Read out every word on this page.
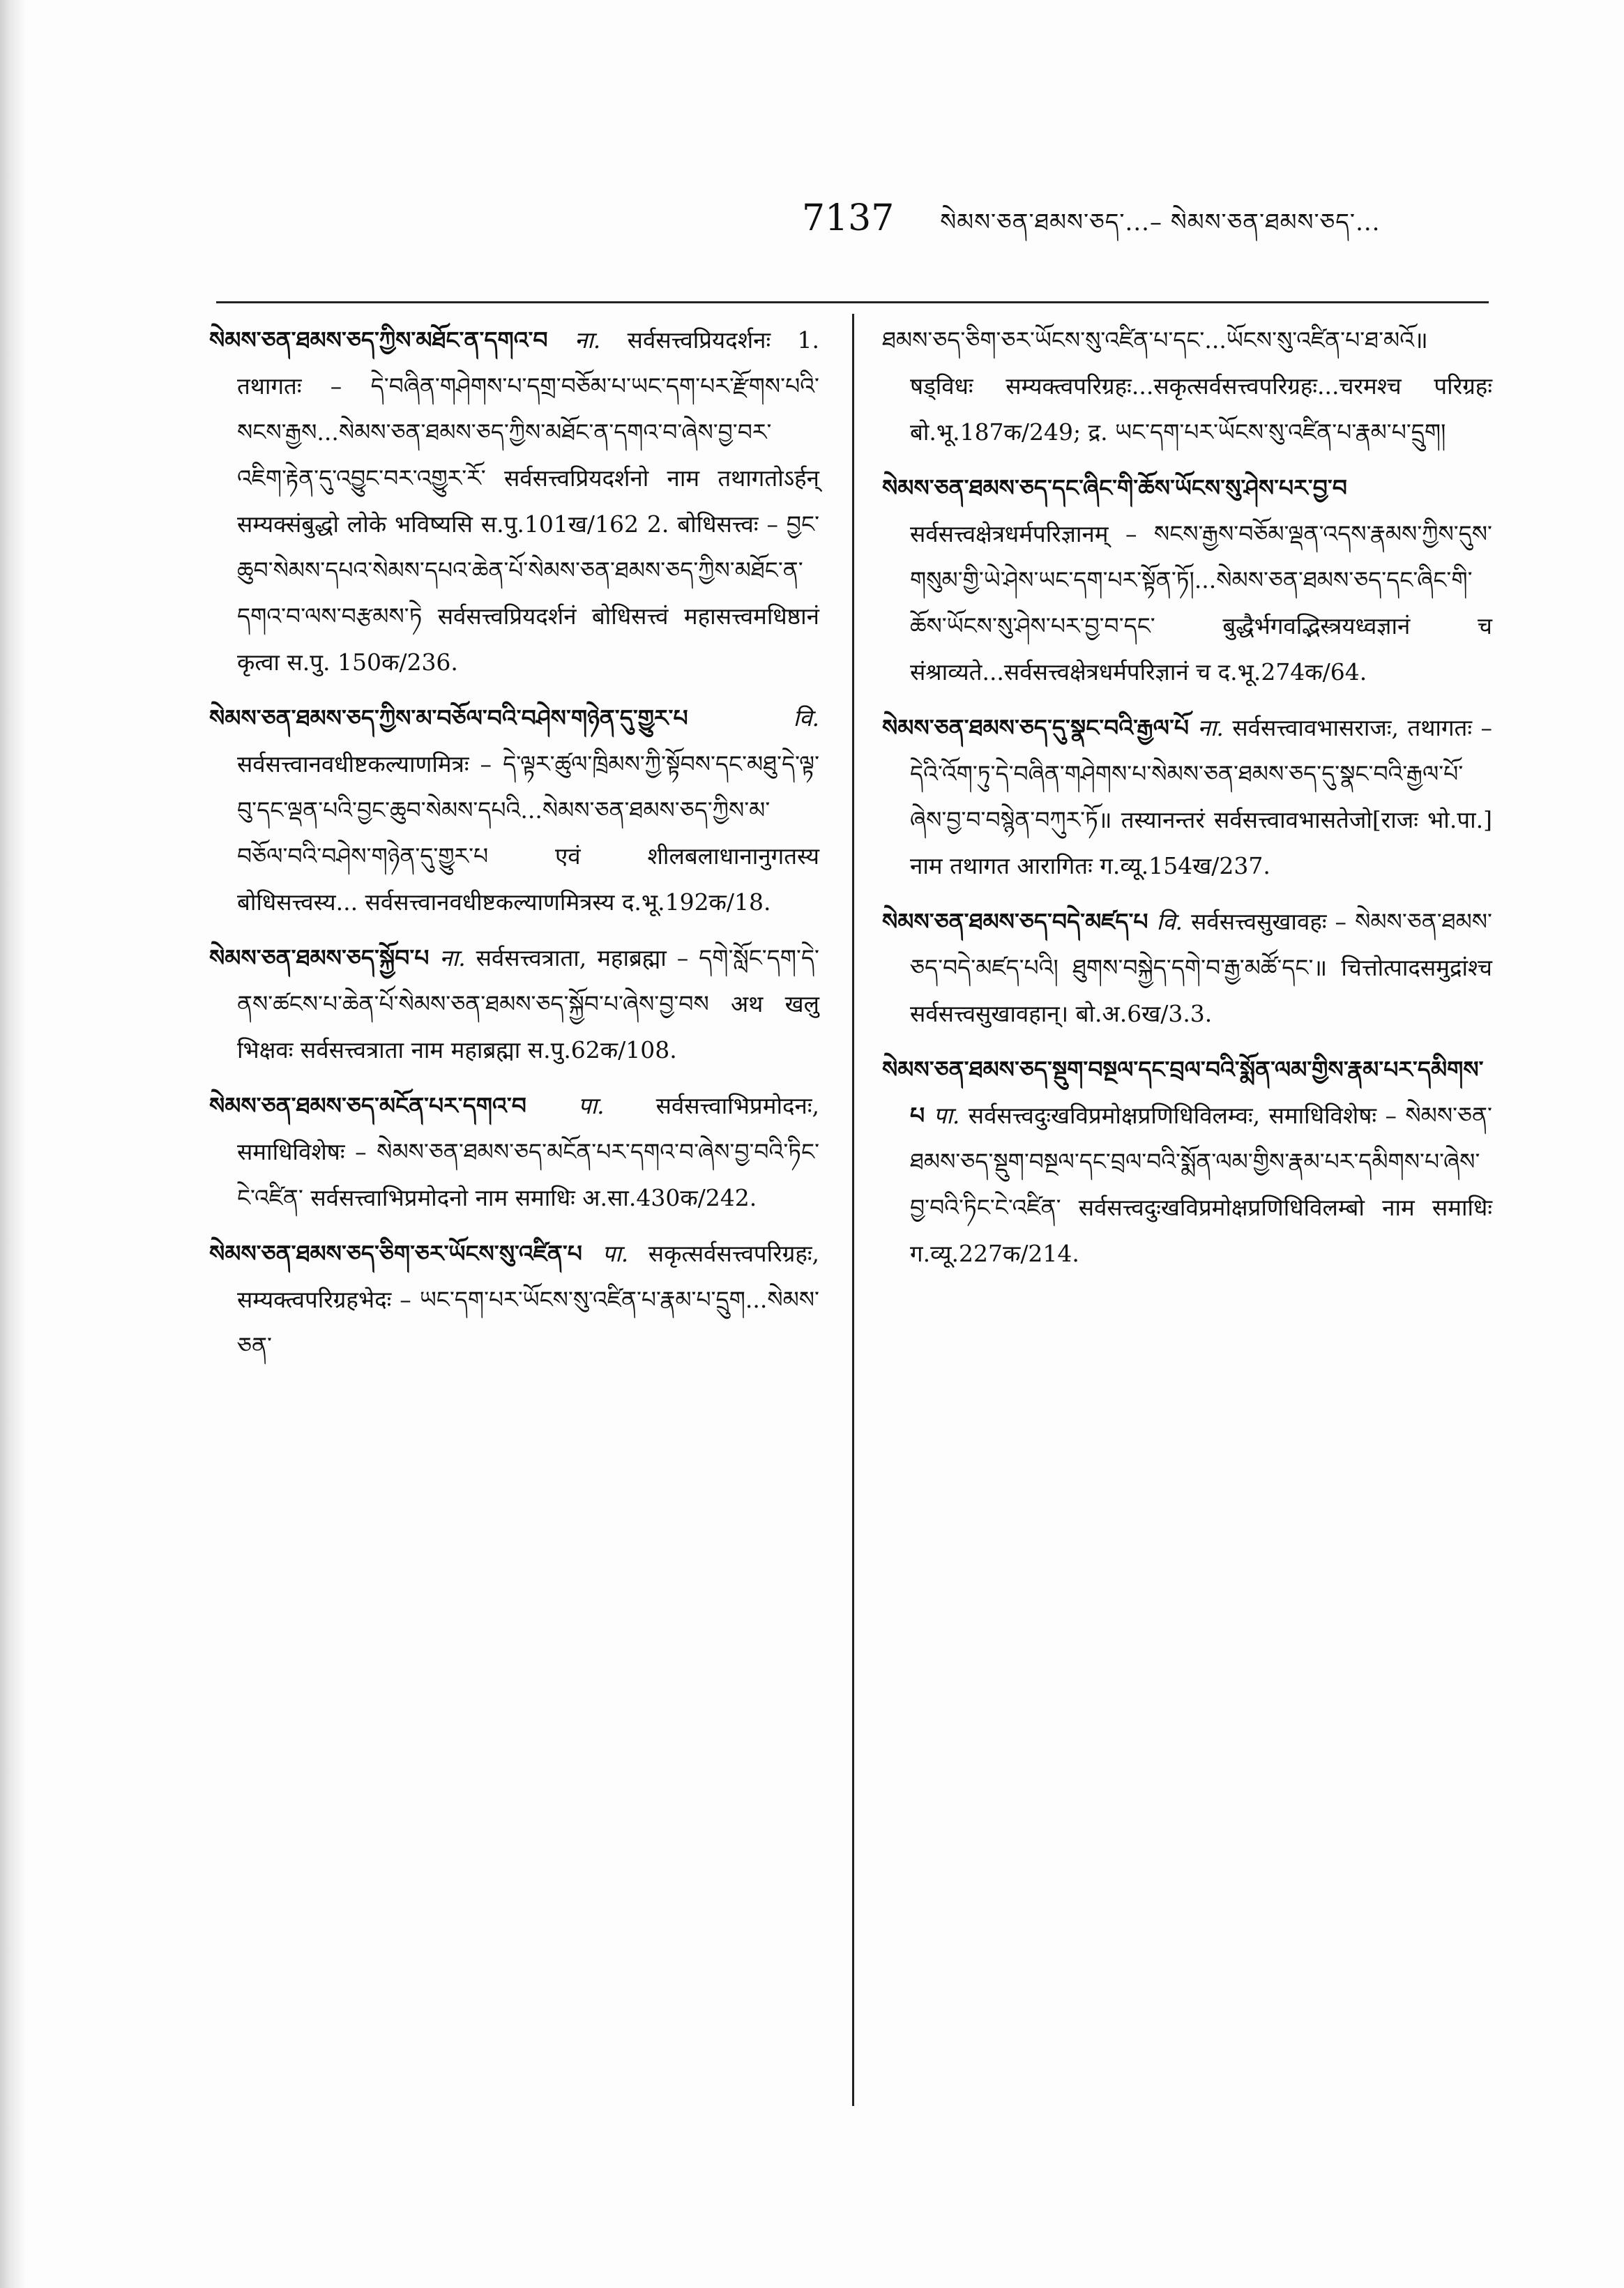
7137 སེམས་ཅན་ཐམས་ཅད་...– སེམས་ཅན་ཐམས་ཅད་...

སེམས་ཅན་ཐམས་ཅད་ཀྱིས་མཐོང་ན་དགའ་བ ना. सर्वसत्त्वप्रियदर्शनः 1. तथागतः – དེ་བཞིན་གཤེགས་པ་དགྲ་བཅོམ་པ་ཡང་དག་པར་རྫོགས་པའི་སངས་རྒྱས...སེམས་ཅན་ཐམས་ཅད་ཀྱིས་མཐོང་ན་དགའ་བ་ཞེས་བྱ་བར་འཇིག་རྟེན་དུ་འབྱུང་བར་འགྱུར་རོ་ सर्वसत्त्वप्रियदर्शनो नाम तथागतोऽर्हन् सम्यक्संबुद्धो लोके भविष्यसि स.पु.101ख/162 2. बोधिसत्त्वः – བྱང་ཆུབ་སེམས་དཔའ་སེམས་དཔའ་ཆེན་པོ་སེམས་ཅན་ཐམས་ཅད་ཀྱིས་མཐོང་ན་དགའ་བ་ལས་བརྩམས་ཏེ सर्वसत्त्वप्रियदर्शनं बोधिसत्त्वं महासत्त्वमधिष्ठानं कृत्वा स.पु. 150क/236.

སེམས་ཅན་ཐམས་ཅད་ཀྱིས་མ་བཅོལ་བའི་བཤེས་གཉེན་དུ་གྱུར་པ	वि. सर्वसत्त्वानवधीष्टकल्याणमित्रः – དེ་ལྟར་ཚུལ་ཁྲིམས་ཀྱི་སྟོབས་དང་མཐུ་དེ་ལྟ་བུ་དང་ལྡན་པའི་བྱང་ཆུབ་སེམས་དཔའི...སེམས་ཅན་ཐམས་ཅད་ཀྱིས་མ་བཅོལ་བའི་བཤེས་གཉེན་དུ་གྱུར་པ एवं शीलबलाधानानुगतस्य बोधिसत्त्वस्य... सर्वसत्त्वानवधीष्टकल्याणमित्रस्य द.भू.192क/18.

སེམས་ཅན་ཐམས་ཅད་སྐྱོབ་པ ना. सर्वसत्त्वत्राता, महाब्रह्मा – དགེ་སློང་དག་དེ་ནས་ཚངས་པ་ཆེན་པོ་སེམས་ཅན་ཐམས་ཅད་སྐྱོབ་པ་ཞེས་བྱ་བས अथ खलु भिक्षवः सर्वसत्त्वत्राता नाम महाब्रह्मा स.पु.62क/108.

སེམས་ཅན་ཐམས་ཅད་མངོན་པར་དགའ་བ पा. सर्वसत्त्वाभिप्रमोदनः, समाधिविशेषः – སེམས་ཅན་ཐམས་ཅད་མངོན་པར་དགའ་བ་ཞེས་བྱ་བའི་ཏིང་ངེ་འཛིན་ सर्वसत्त्वाभिप्रमोदनो नाम समाधिः अ.सा.430क/242.

སེམས་ཅན་ཐམས་ཅད་ཅིག་ཅར་ཡོངས་སུ་འཛིན་པ पा. सकृत्सर्वसत्त्वपरिग्रहः, सम्यक्त्वपरिग्रहभेदः – ཡང་དག་པར་ཡོངས་སུ་འཛིན་པ་རྣམ་པ་དྲུག...སེམས་ཅན་

ཐམས་ཅད་ཅིག་ཅར་ཡོངས་སུ་འཛིན་པ་དང་...ཡོངས་སུ་འཛིན་པ་ཐ་མའོ॥ षड्विधः सम्यक्त्वपरिग्रहः...सकृत्सर्वसत्त्वपरिग्रहः...चरमश्च परिग्रहः बो.भू.187क/249; द्र. ཡང་དག་པར་ཡོངས་སུ་འཛིན་པ་རྣམ་པ་དྲུག།

སེམས་ཅན་ཐམས་ཅད་དང་ཞིང་གི་ཆོས་ཡོངས་སུ་ཤེས་པར་བྱ་བ सर्वसत्त्वक्षेत्रधर्मपरिज्ञानम् – སངས་རྒྱས་བཅོམ་ལྡན་འདས་རྣམས་ཀྱིས་དུས་གསུམ་གྱི་ཡེ་ཤེས་ཡང་དག་པར་སྟོན་ཏོ།...སེམས་ཅན་ཐམས་ཅད་དང་ཞིང་གི་ཆོས་ཡོངས་སུ་ཤེས་པར་བྱ་བ་དང་ बुद्धैर्भगवद्भिस्त्रयध्वज्ञानं च संश्राव्यते...सर्वसत्त्वक्षेत्रधर्मपरिज्ञानं च द.भू.274क/64.

སེམས་ཅན་ཐམས་ཅད་དུ་སྣང་བའི་རྒྱལ་པོ ना. सर्वसत्त्वावभासराजः, तथागतः – དེའི་འོག་ཏུ་དེ་བཞིན་གཤེགས་པ་སེམས་ཅན་ཐམས་ཅད་དུ་སྣང་བའི་རྒྱལ་པོ་ཞེས་བྱ་བ་བསྙེན་བཀུར་ཏོ॥ तस्यानन्तरं सर्वसत्त्वावभासतेजो[राजः भो.पा.] नाम तथागत आरागितः ग.व्यू.154ख/237.

སེམས་ཅན་ཐམས་ཅད་བདེ་མཛད་པ वि. सर्वसत्त्वसुखावहः – སེམས་ཅན་ཐམས་ཅད་བདེ་མཛད་པའི། ཐུགས་བསྐྱེད་དགེ་བ་རྒྱ་མཚོ་དང་॥ चित्तोत्पादसमुद्रांश्च सर्वसत्त्वसुखावहान्। बो.अ.6ख/3.3.

སེམས་ཅན་ཐམས་ཅད་སྡུག་བསྔལ་དང་བྲལ་བའི་སྨོན་ལམ་གྱིས་རྣམ་པར་དམིགས་པ पा. सर्वसत्त्वदुःखविप्रमोक्षप्रणिधिविलम्वः, समाधिविशेषः – སེམས་ཅན་ཐམས་ཅད་སྡུག་བསྔལ་དང་བྲལ་བའི་སྨོན་ལམ་གྱིས་རྣམ་པར་དམིགས་པ་ཞེས་བྱ་བའི་ཏིང་ངེ་འཛིན་ सर्वसत्त्वदुःखविप्रमोक्षप्रणिधिविलम्बो नाम समाधिः ग.व्यू.227क/214.
